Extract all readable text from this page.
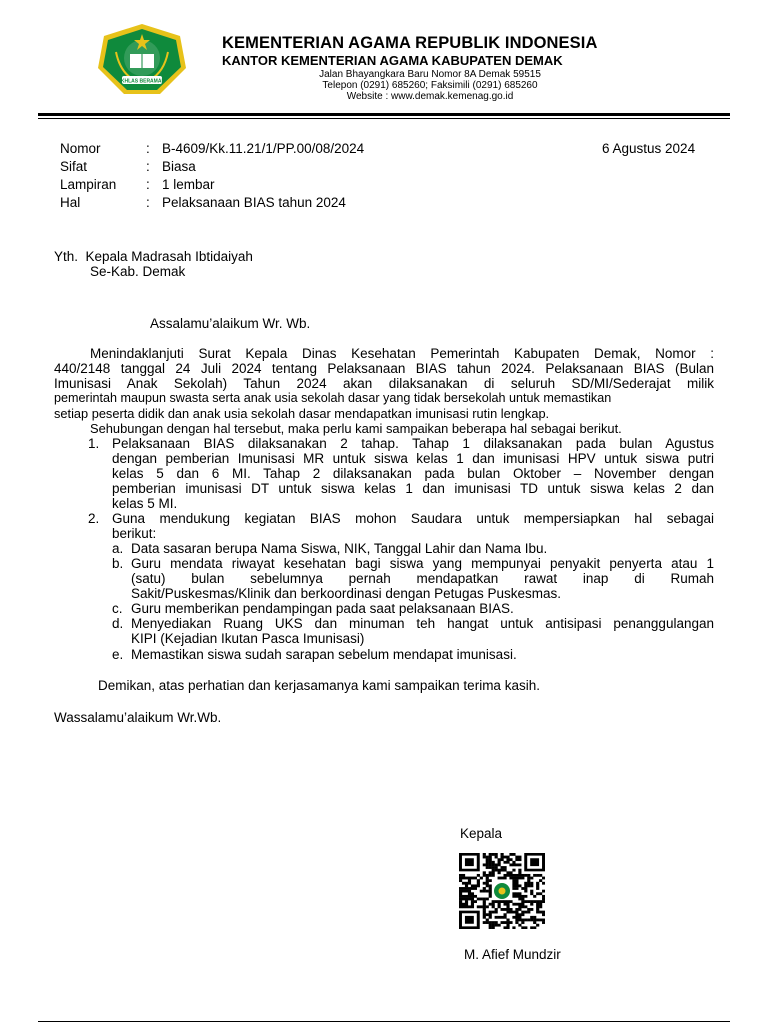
IKHLAS BERAMAL
KEMENTERIAN AGAMA REPUBLIK INDONESIA
KANTOR KEMENTERIAN AGAMA KABUPATEN DEMAK
Jalan Bhayangkara Baru Nomor 8A Demak 59515
Telepon (0291) 685260; Faksimili (0291) 685260
Website : www.demak.kemenag.go.id
Nomor	: B-4609/Kk.11.21/1/PP.00/08/2024	6 Agustus 2024
Sifat	: Biasa
Lampiran : 1 lembar
Hal	: Pelaksanaan BIAS tahun 2024
Yth.  Kepala Madrasah Ibtidaiyah
Se-Kab. Demak
Assalamu’alaikum Wr. Wb.
Menindaklanjuti Surat Kepala Dinas Kesehatan Pemerintah Kabupaten Demak, Nomor :
440/2148 tanggal 24 Juli 2024 tentang Pelaksanaan BIAS tahun 2024. Pelaksanaan BIAS (Bulan
Imunisasi Anak Sekolah) Tahun 2024 akan dilaksanakan di seluruh SD/MI/Sederajat milik
pemerintah maupun swasta serta anak usia sekolah dasar yang tidak bersekolah untuk memastikan
setiap peserta didik dan anak usia sekolah dasar mendapatkan imunisasi rutin lengkap.
Sehubungan dengan hal tersebut, maka perlu kami sampaikan beberapa hal sebagai berikut.
1. Pelaksanaan BIAS dilaksanakan 2 tahap. Tahap 1 dilaksanakan pada bulan Agustus
dengan pemberian Imunisasi MR untuk siswa kelas 1 dan imunisasi HPV untuk siswa putri
kelas 5 dan 6 MI. Tahap 2 dilaksanakan pada bulan Oktober – November dengan
pemberian imunisasi DT untuk siswa kelas 1 dan imunisasi TD untuk siswa kelas 2 dan
kelas 5 MI.
2. Guna mendukung kegiatan BIAS mohon Saudara untuk mempersiapkan hal sebagai
berikut:
a. Data sasaran berupa Nama Siswa, NIK, Tanggal Lahir dan Nama Ibu.
b. Guru mendata riwayat kesehatan bagi siswa yang mempunyai penyakit penyerta atau 1
(satu) bulan sebelumnya pernah mendapatkan rawat inap di Rumah
Sakit/Puskesmas/Klinik dan berkoordinasi dengan Petugas Puskesmas.
c. Guru memberikan pendampingan pada saat pelaksanaan BIAS.
d. Menyediakan Ruang UKS dan minuman teh hangat untuk antisipasi penanggulangan
KIPI (Kejadian Ikutan Pasca Imunisasi)
e. Memastikan siswa sudah sarapan sebelum mendapat imunisasi.
Demikan, atas perhatian dan kerjasamanya kami sampaikan terima kasih.
Wassalamu’alaikum Wr.Wb.
Kepala
M. Afief Mundzir
